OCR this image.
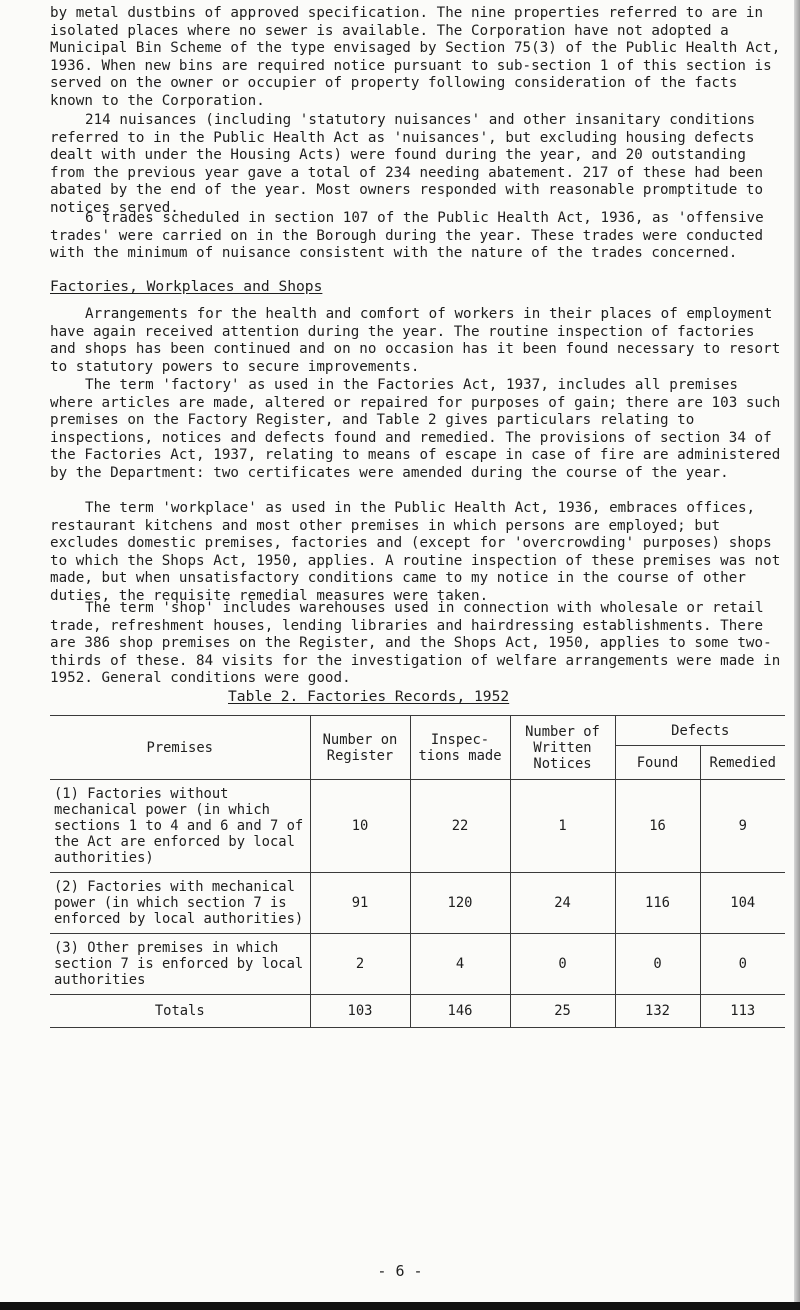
by metal dustbins of approved specification. The nine properties referred to are in isolated places where no sewer is available. The Corporation have not adopted a Municipal Bin Scheme of the type envisaged by Section 75(3) of the Public Health Act, 1936. When new bins are required notice pursuant to sub-section 1 of this section is served on the owner or occupier of property following consideration of the facts known to the Corporation.
214 nuisances (including 'statutory nuisances' and other insanitary conditions referred to in the Public Health Act as 'nuisances', but excluding housing defects dealt with under the Housing Acts) were found during the year, and 20 outstanding from the previous year gave a total of 234 needing abatement. 217 of these had been abated by the end of the year. Most owners responded with reasonable promptitude to notices served.
6 trades scheduled in section 107 of the Public Health Act, 1936, as 'offensive trades' were carried on in the Borough during the year. These trades were conducted with the minimum of nuisance consistent with the nature of the trades concerned.
Factories, Workplaces and Shops
Arrangements for the health and comfort of workers in their places of employment have again received attention during the year. The routine inspection of factories and shops has been continued and on no occasion has it been found necessary to resort to statutory powers to secure improvements.
The term 'factory' as used in the Factories Act, 1937, includes all premises where articles are made, altered or repaired for purposes of gain; there are 103 such premises on the Factory Register, and Table 2 gives particulars relating to inspections, notices and defects found and remedied. The provisions of section 34 of the Factories Act, 1937, relating to means of escape in case of fire are administered by the Department: two certificates were amended during the course of the year.
The term 'workplace' as used in the Public Health Act, 1936, embraces offices, restaurant kitchens and most other premises in which persons are employed; but excludes domestic premises, factories and (except for 'overcrowding' purposes) shops to which the Shops Act, 1950, applies. A routine inspection of these premises was not made, but when unsatisfactory conditions came to my notice in the course of other duties, the requisite remedial measures were taken.
The term 'shop' includes warehouses used in connection with wholesale or retail trade, refreshment houses, lending libraries and hairdressing establishments. There are 386 shop premises on the Register, and the Shops Act, 1950, applies to some two-thirds of these. 84 visits for the investigation of welfare arrangements were made in 1952. General conditions were good.
Table 2. Factories Records, 1952
Premises	Number on Register	Inspec- tions made	Number of Written Notices	Defects	
				Found	Remedied
(1) Factories without mechanical power (in which sections 1 to 4 and 6 and 7 of the Act are enforced by local authorities)	10	22	1	16	9
(2) Factories with mechanical power (in which section 7 is enforced by local authorities)	91	120	24	116	104
(3) Other premises in which section 7 is enforced by local authorities	2	4	0	0	0
Totals	103	146	25	132	113
- 6 -
